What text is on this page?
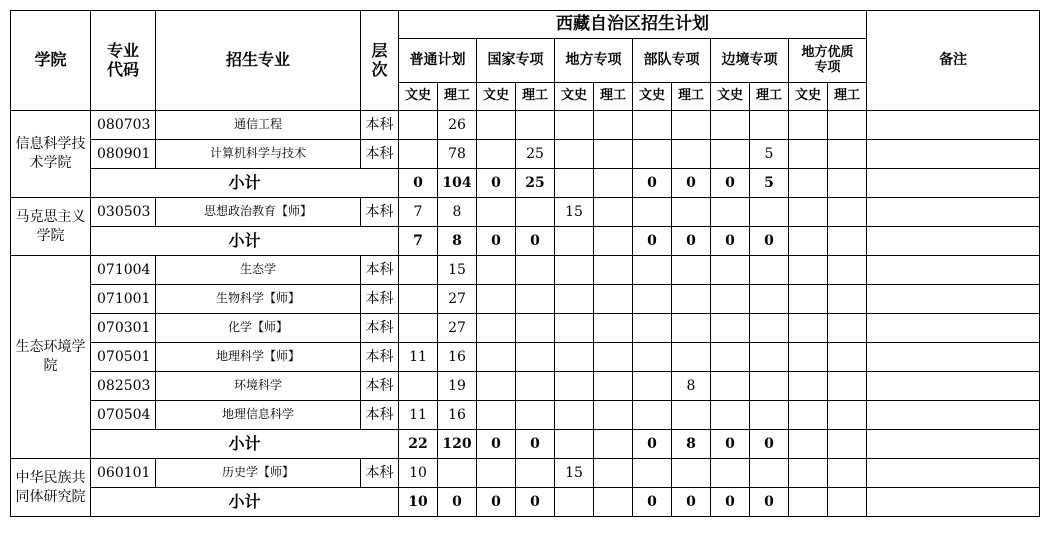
学院	专业代码	招生专业	层次	西藏自治区招生计划												备注
				普通计划		国家专项		地方专项		部队专项		边境专项		地方优质专项		

				文史	理工	文史	理工	文史	理工	文史	理工	文史	理工	文史	理工	

信息科学技术学院	080703	通信工程	本科		26											
	080901	计算机科学与技术	本科		78		25						5			
	小计			0	104	0	25			0	0	0	5			

马克思主义学院	030503	思想政治教育【师】	本科	7	8			15								
	小计			7	8	0	0			0	0	0	0			

生态环境学院	071004	生态学	本科		15											
	071001	生物科学【师】	本科		27											
	070301	化学【师】	本科		27											
	070501	地理科学【师】	本科	11	16											
	082503	环境科学	本科		19						8					
	070504	地理信息科学	本科	11	16											
	小计			22	120	0	0			0	8	0	0			

中华民族共同体研究院	060101	历史学【师】	本科	10				15								
	小计			10	0	0	0			0	0	0	0			
